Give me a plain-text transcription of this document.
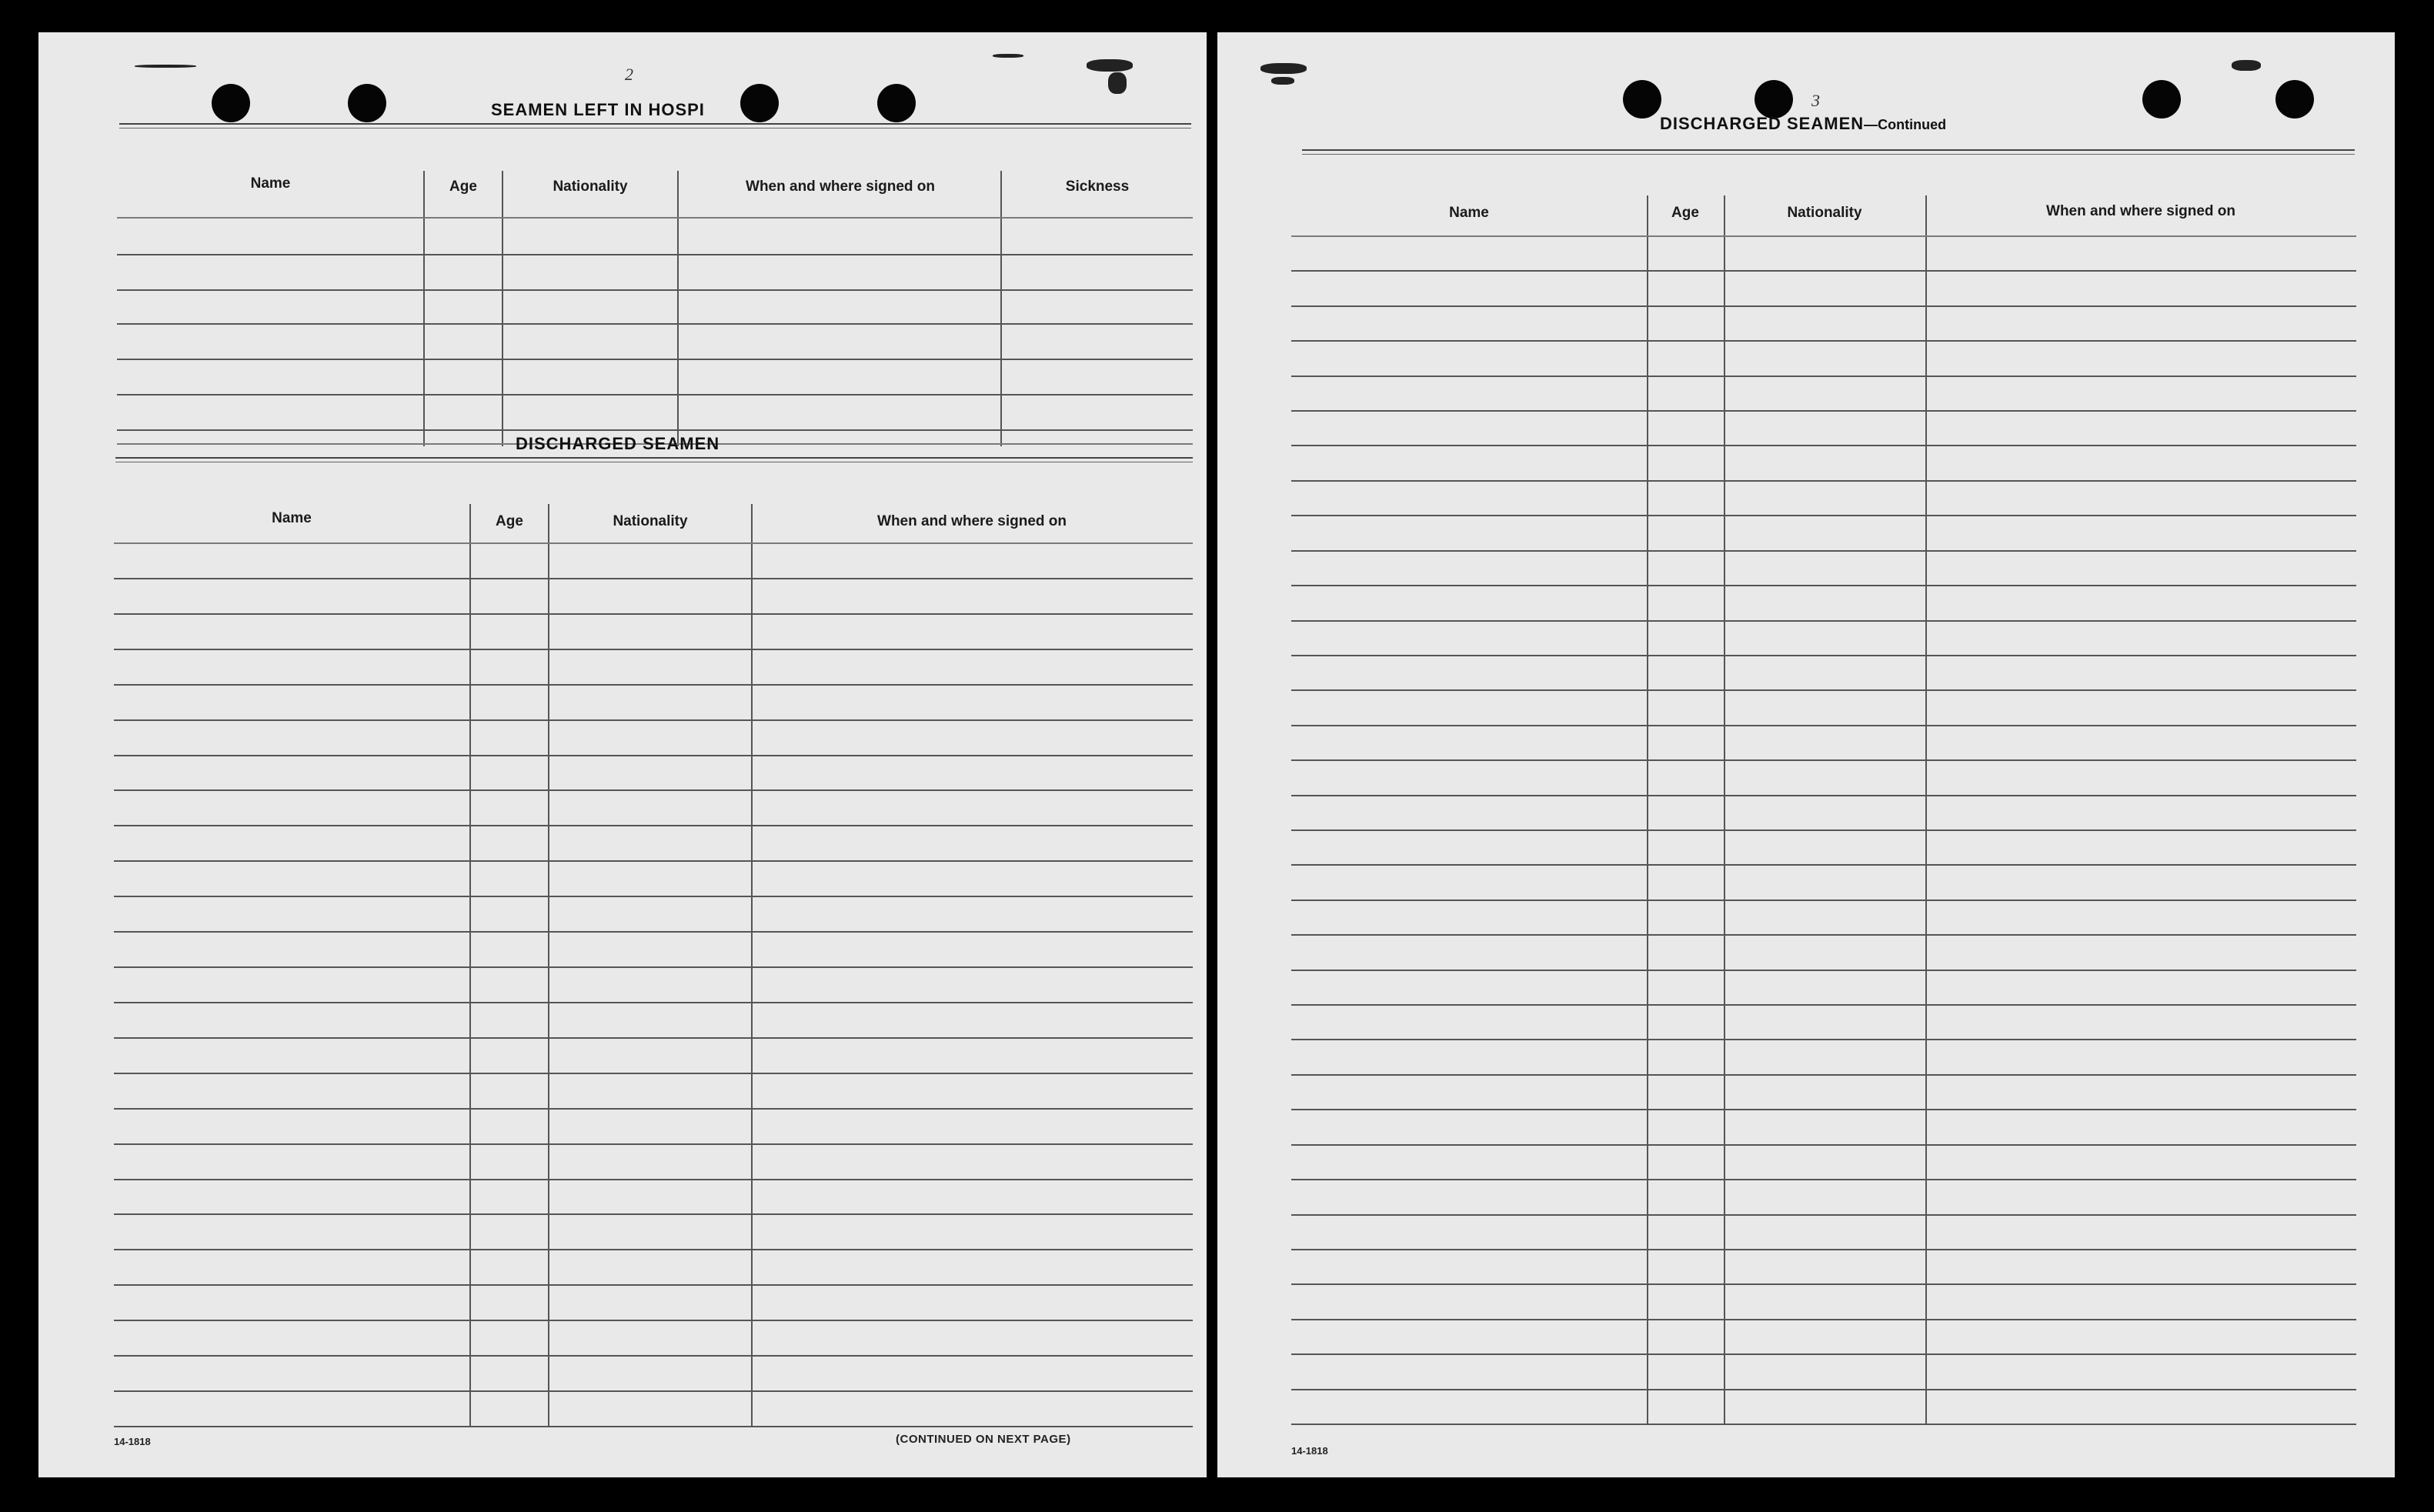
2
SEAMEN LEFT IN HOSPI
Name	Age	Nationality	When and where signed on	Sickness
DISCHARGED SEAMEN
Name	Age	Nationality	When and where signed on
14-1818	(CONTINUED ON NEXT PAGE)
3
DISCHARGED SEAMEN—Continued
Name	Age	Nationality	When and where signed on
14-1818
